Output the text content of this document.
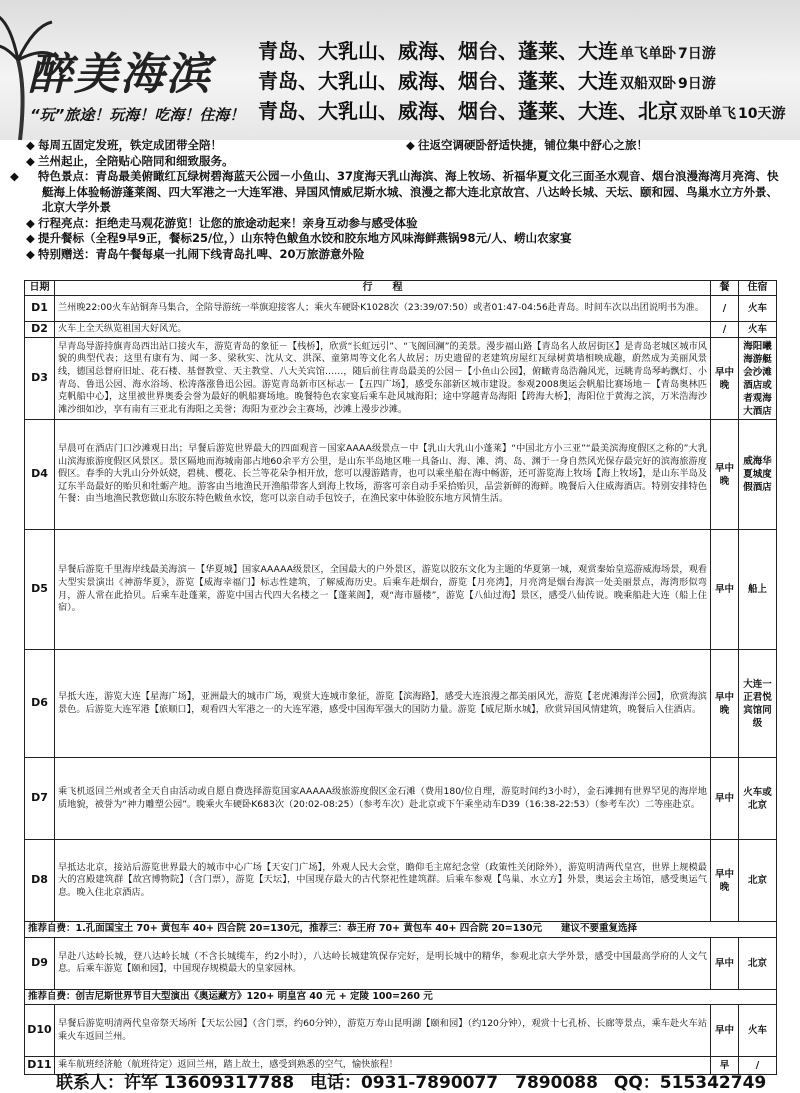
醉美海滨
“玩”旅途！玩海！吃海！住海！
青岛、大乳山、威海、烟台、蓬莱、大连 单飞单卧 7日游
青岛、大乳山、威海、烟台、蓬莱、大连 双船双卧 9日游
青岛、大乳山、威海、烟台、蓬莱、大连、北京 双卧单飞 10天游
◆ 每周五固定发班，铁定成团带全陪！	◆ 往返空调硬卧舒适快捷，铺位集中舒心之旅！
◆ 兰州起止，全陪贴心陪同和细致服务。
◆ 特色景点：青岛最美俯瞰红瓦绿树碧海蓝天公园－小鱼山、37度海天乳山海滨、海上牧场、祈福华夏文化三面圣水观音、烟台浪漫海湾月亮湾、快艇海上体验畅游蓬莱阁、四大军港之一大连军港、异国风情威尼斯水城、浪漫之都大连北京故宫、八达岭长城、天坛、颐和园、鸟巢水立方外景、北京大学外景
◆ 行程亮点：拒绝走马观花游览！让您的旅途动起来！亲身互动参与感受体验
◆ 提升餐标（全程9早9正，餐标25/位，）山东特色鲅鱼水饺和胶东地方风味海鲜燕锅98元/人、崂山农家宴
◆ 特别赠送：青岛午餐每桌一扎闹下线青岛扎啤、20万旅游意外险
日期	行　　程	餐	住宿
D1	兰州晚22:00火车站铜奔马集合，全陪导游统一举旗迎接客人；乘火车硬卧K1028次（23:39/07:50）或者01:47-04:56赴青岛。时间车次以出团说明书为准。	/	火车
D2	火车上全天纵览祖国大好风光。	/	火车
D3	早青岛导游持旗青岛西出站口接火车，游览青岛的象征－【栈桥】，欣赏“长虹远引”、“飞阁回澜”的美景。漫步福山路【青岛名人故居街区】是青岛老城区城市风貌的典型代表；这里有康有为、闻一多、梁秋实、沈从文、洪深、童第周等文化名人故居；历史遗留的老建筑房屋红瓦绿树黄墙相映成趣，蔚然成为美丽风景线，德国总督府旧址、花石楼、基督教堂、天主教堂、八大关宾馆……，随后前往青岛最美的公园－【小鱼山公园】，俯瞰青岛浩瀚风光，远眺青岛琴屿飘灯、小青岛、鲁迅公园、海水浴场、松涛落涨鲁迅公园。游览青岛新市区标志－【五四广场】，感受东部新区城市建设。参观2008奥运会帆船比赛场地－【青岛奥林匹克帆船中心】，这里被世界奥委会誉为最好的帆船赛场地。晚餐特色农家宴后乘车赴风城海阳；途中穿越青岛海阳【跨海大桥】，海阳位于黄海之滨，万米浩海沙滩沙细如沙，享有南有三亚北有海阳之美誉；海阳为亚沙会主赛场，沙滩上漫步沙滩。	早中晚	海阳曦海游艇会沙滩酒店或者观海大酒店
D4	早晨可在酒店门口沙滩观日出；早餐后游览世界最大的四面观音－国家AAAA级景点－中【乳山大乳山小蓬莱】“中国北方小三亚”“最美滨海度假区之称的”大乳山滨海旅游度假区风景区。景区隔地而海城南部占地60余平方公里，是山东半岛地区唯一具备山、海、滩、湾、岛、渊于一身自然风光保存最完好的滨海旅游度假区。春季的大乳山分外妖娆，碧桃、樱花、长兰等花朵争相开放，您可以漫游踏青，也可以乘坐船在海中畅游，还可游览海上牧场【海上牧场】，是山东半岛及辽东半岛最好的贻贝和牡蛎产地。游客由当地渔民开渔船带客人到海上牧场，游客可亲自动手采拾贻贝，品尝新鲜的海鲜。晚餐后入住威海酒店。特别安排特色午餐：由当地渔民教您做山东胶东特色鲅鱼水饺，您可以亲自动手包饺子，在渔民家中体验胶东地方风情生活。	早中晚	威海华夏城度假酒店
D5	早餐后游览千里海岸线最美海滨－【华夏城】国家AAAAA级景区，全国最大的户外景区，游览以胶东文化为主题的华夏第一城，观赏秦始皇巡游威海场景，观看大型实景演出《神游华夏》，游览【威海幸福门】标志性建筑，了解威海历史。后乘车赴烟台，游览【月亮湾】，月亮湾是烟台海滨一处美丽景点，海湾形似弯月，游人常在此拾贝。后乘车赴蓬莱，游览中国古代四大名楼之一【蓬莱阁】，观“海市蜃楼”，游览【八仙过海】景区，感受八仙传说。晚乘船赴大连（船上住宿）。	早中	船上
D6	早抵大连，游览大连【星海广场】，亚洲最大的城市广场，观赏大连城市象征，游览【滨海路】，感受大连浪漫之都美丽风光，游览【老虎滩海洋公园】，欣赏海滨景色。后游览大连军港【旅顺口】，观看四大军港之一的大连军港，感受中国海军强大的国防力量。游览【威尼斯水城】，欣赏异国风情建筑，晚餐后入住酒店。	早中晚	大连一正君悦宾馆同级
D7	乘飞机返回兰州或者全天自由活动或自愿自费选择游览国家AAAAA级旅游度假区金石滩（费用180/位自理，游览时间约3小时），金石滩拥有世界罕见的海岸地质地貌，被誉为“神力雕塑公园”。晚乘火车硬卧K683次（20:02-08:25）（参考车次）赴北京或下午乘坐动车D39（16:38-22:53）（参考车次）二等座赴京。	早中	火车或北京
D8	早抵达北京，接站后游览世界最大的城市中心广场【天安门广场】，外观人民大会堂，瞻仰毛主席纪念堂（政策性关闭除外），游览明清两代皇宫，世界上规模最大的宫殿建筑群【故宫博物院】（含门票），游览【天坛】，中国现存最大的古代祭祀性建筑群。后乘车参观【鸟巢、水立方】外景，奥运会主场馆，感受奥运气息。晚入住北京酒店。	早中晚	北京
推荐自费：1.孔面国宝土 70+ 黄包车 40+ 四合院 20=130元，推荐三：恭王府 70+ 黄包车 40+ 四合院 20=130元　　建议不要重复选择			
D9	早赴八达岭长城，登八达岭长城（不含长城缆车，约2小时），八达岭长城建筑保存完好，是明长城中的精华，参观北京大学外景，感受中国最高学府的人文气息。后乘车游览【颐和园】，中国现存规模最大的皇家园林。	早中	北京
推荐自费：创吉尼斯世界节目大型演出《奥运藏方》120+ 明皇宫 40 元 + 定陵 100=260 元			
D10	早餐后游览明清两代皇帝祭天场所【天坛公园】（含门票，约60分钟），游览万寿山昆明湖【颐和园】（约120分钟），观赏十七孔桥、长廊等景点，乘车赴火车站乘火车返回兰州。	早中	火车
D11	乘车航班经济舱（航班待定）返回兰州，踏上故土，感受到熟悉的空气，愉快旅程！	早	/
联系人：许军 13609317788 电话：0931-7890077　7890088 QQ：515342749
